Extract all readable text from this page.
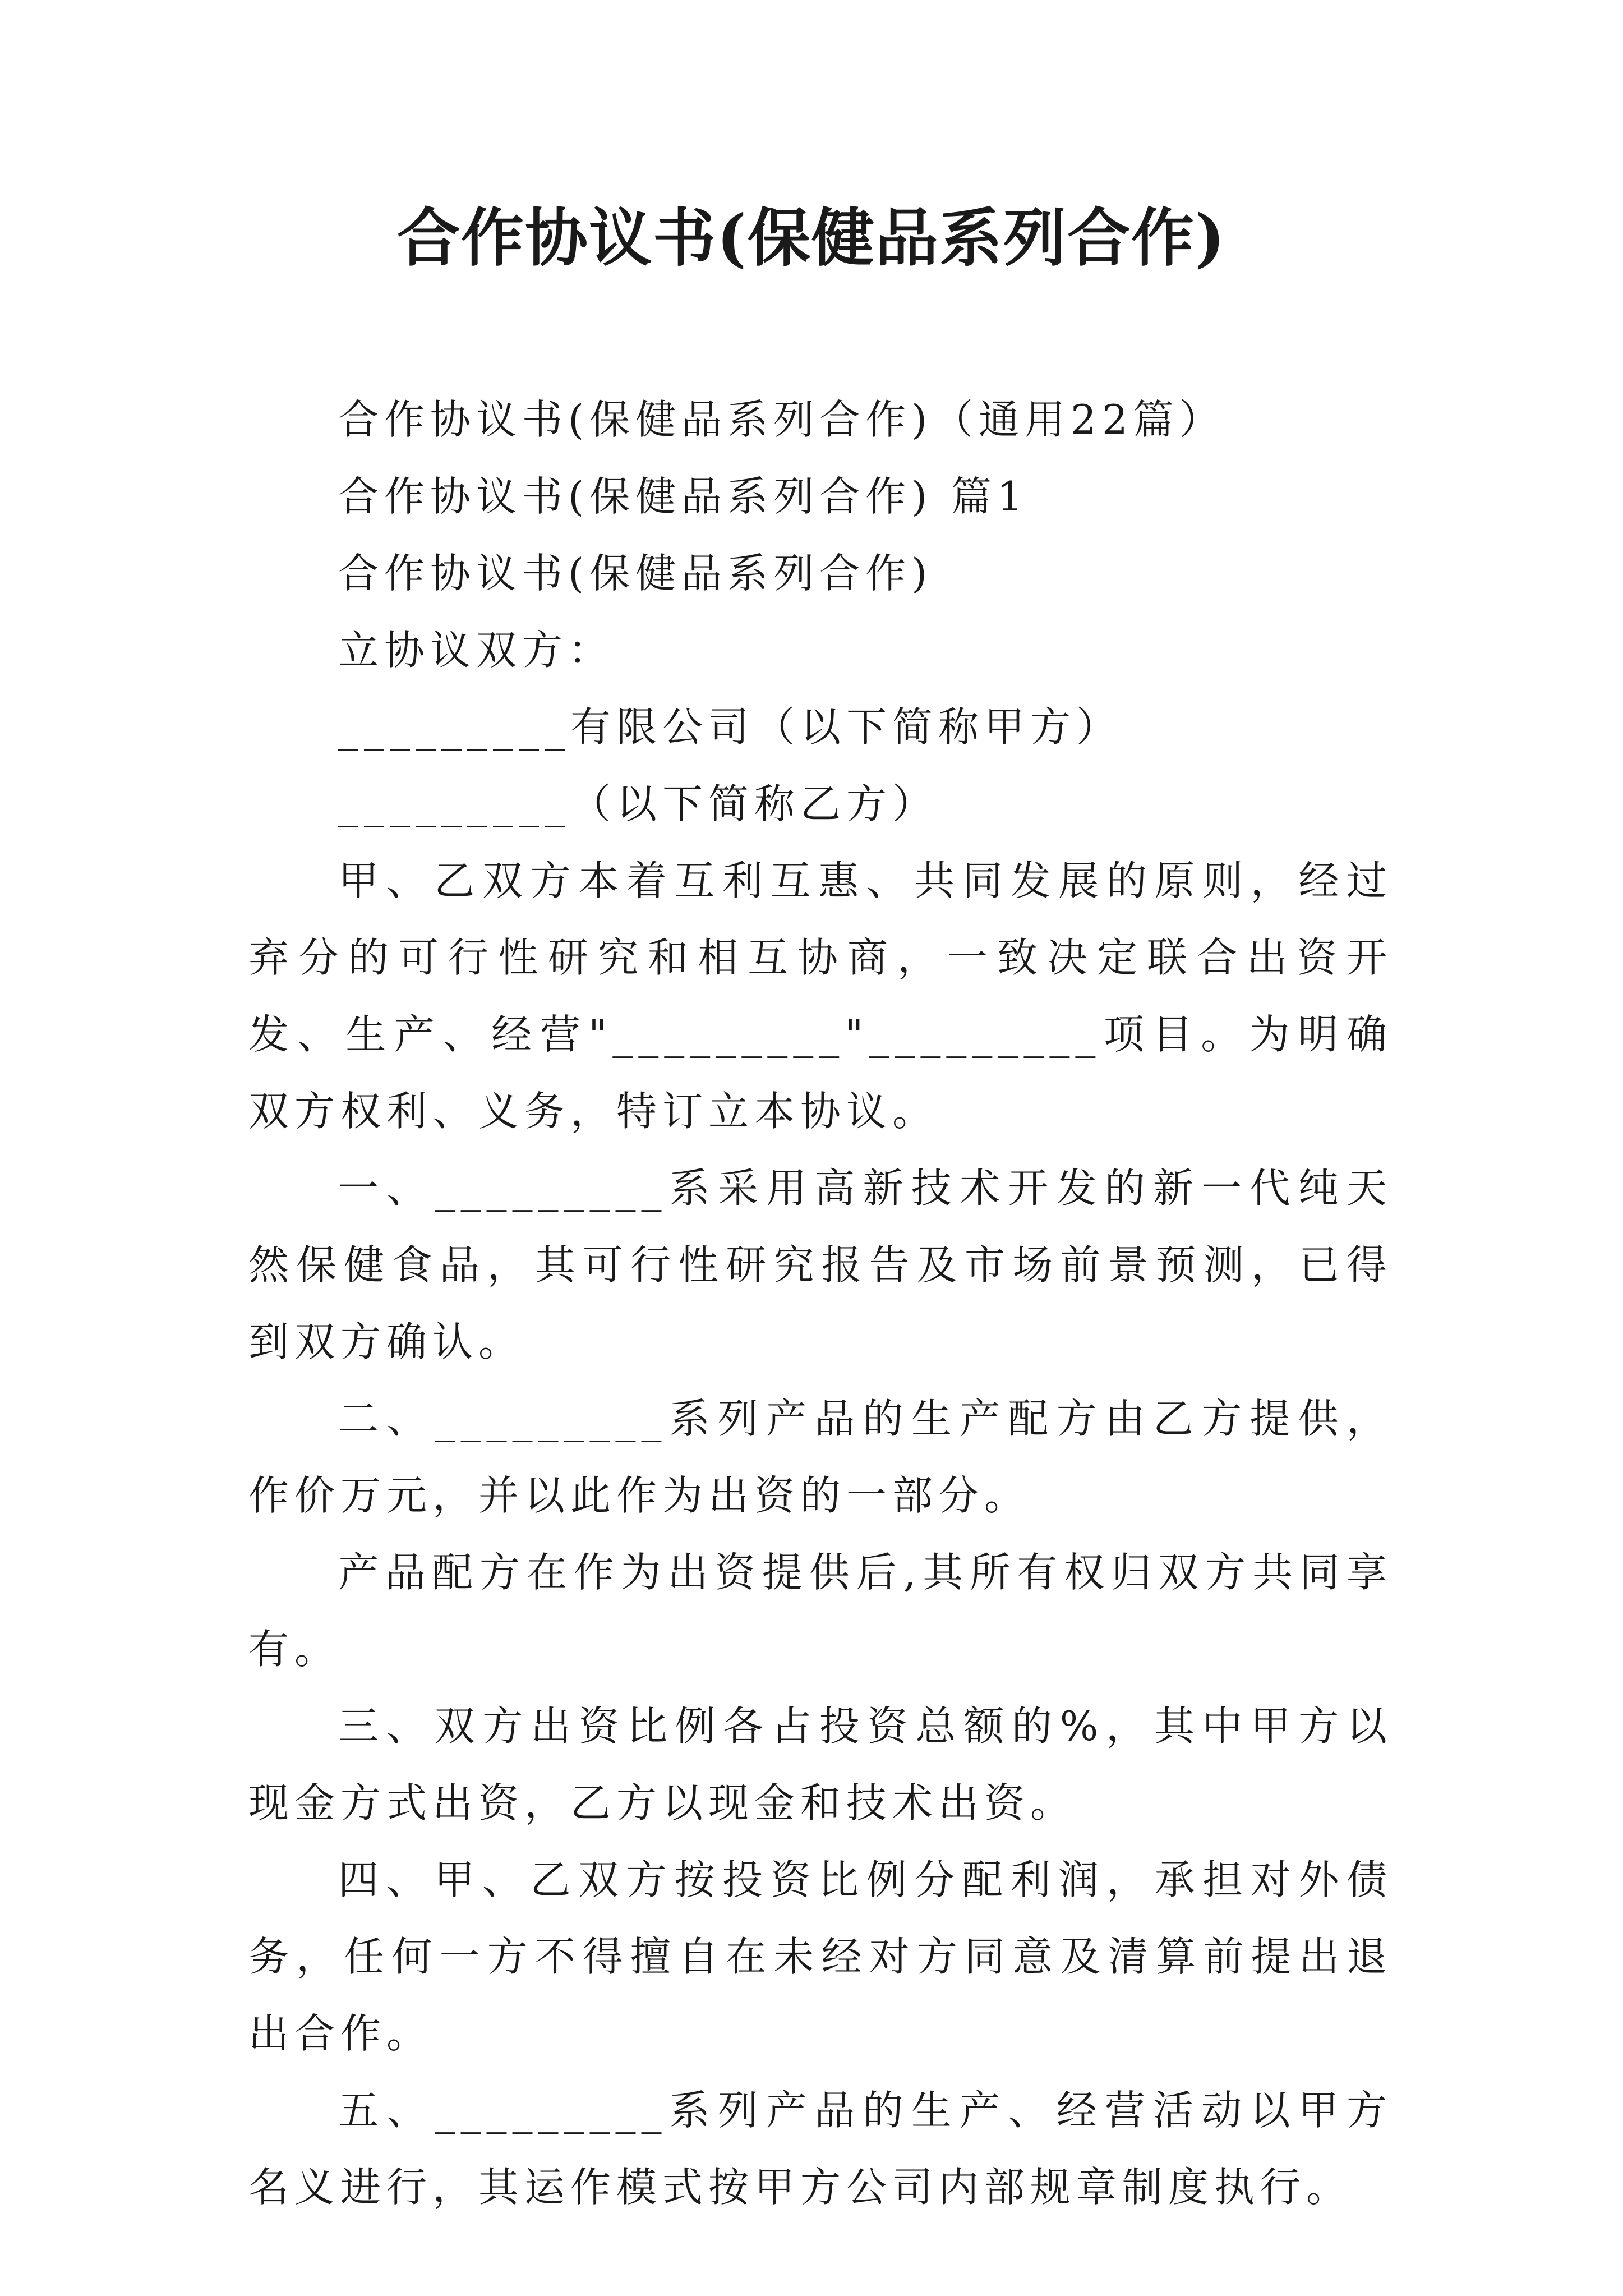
合作协议书(保健品系列合作)

合作协议书(保健品系列合作)（通用22篇）

合作协议书(保健品系列合作) 篇1

合作协议书(保健品系列合作)

立协议双方：

_________有限公司（以下简称甲方）

_________（以下简称乙方）

甲、乙双方本着互利互惠、共同发展的原则，经过弃分的可行性研究和相互协商，一致决定联合出资开发、生产、经营"_________"_________项目。为明确双方权利、义务，特订立本协议。

一、_________系采用高新技术开发的新一代纯天然保健食品，其可行性研究报告及市场前景预测，已得到双方确认。

二、_________系列产品的生产配方由乙方提供，作价万元，并以此作为出资的一部分。

产品配方在作为出资提供后,其所有权归双方共同享有。

三、双方出资比例各占投资总额的%，其中甲方以现金方式出资，乙方以现金和技术出资。

四、甲、乙双方按投资比例分配利润，承担对外债务，任何一方不得擅自在未经对方同意及清算前提出退出合作。

五、_________系列产品的生产、经营活动以甲方名义进行，其运作模式按甲方公司内部规章制度执行。
